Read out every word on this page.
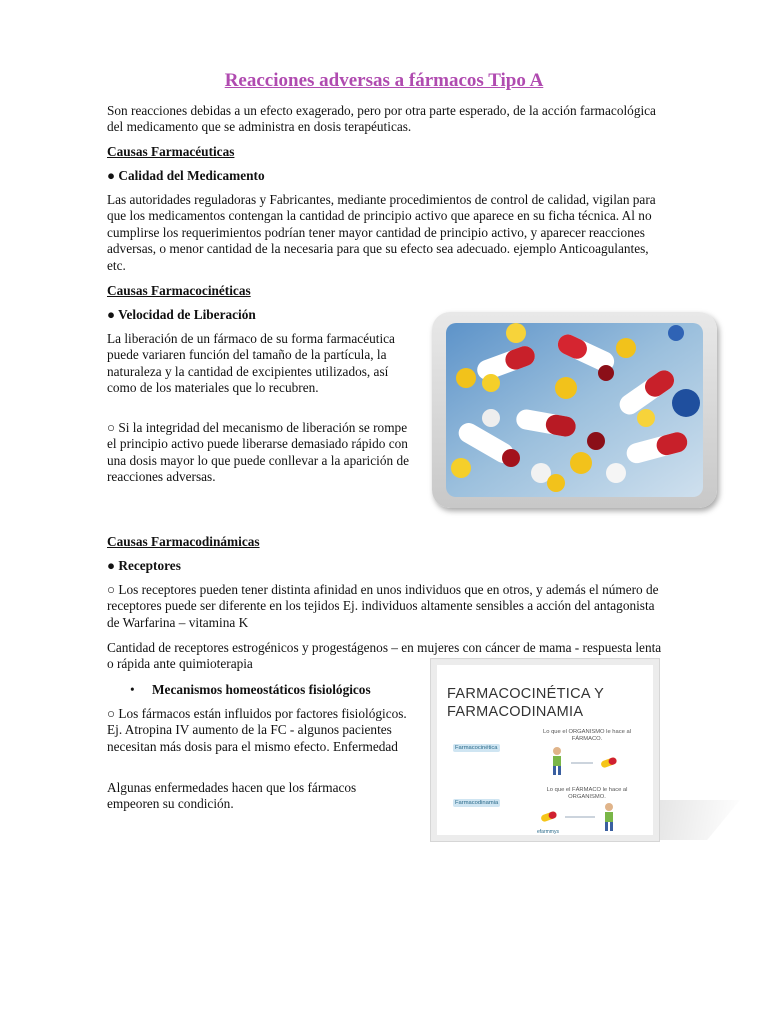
Reacciones adversas a fármacos Tipo A

Son reacciones debidas a un efecto exagerado, pero por otra parte esperado, de la acción farmacológica del medicamento que se administra en dosis terapéuticas.

Causas Farmacéuticas
● Calidad del Medicamento

Las autoridades reguladoras y Fabricantes, mediante procedimientos de control de calidad, vigilan para que los medicamentos contengan la cantidad de principio activo que aparece en su ficha técnica. Al no cumplirse los requerimientos podrían tener mayor cantidad de principio activo, y aparecer reacciones adversas, o menor cantidad de la necesaria para que su efecto sea adecuado. ejemplo Anticoagulantes, etc.

Causas Farmacocinéticas
● Velocidad de Liberación

La liberación de un fármaco de su forma farmacéutica puede variaren función del tamaño de la partícula, la naturaleza y la cantidad de excipientes utilizados, así como de los materiales que lo recubren.

○ Si la integridad del mecanismo de liberación se rompe el principio activo puede liberarse demasiado rápido con una dosis mayor lo que puede conllevar a la aparición de reacciones adversas.

Causas Farmacodinámicas
● Receptores

○ Los receptores pueden tener distinta afinidad en unos individuos que en otros, y además el número de receptores puede ser diferente en los tejidos Ej. individuos altamente sensibles a acción del antagonista de Warfarina – vitamina K

Cantidad de receptores estrogénicos y progestágenos – en mujeres con cáncer de mama - respuesta lenta o rápida ante quimioterapia

• Mecanismos homeostáticos fisiológicos

○ Los fármacos están influidos por factores fisiológicos. Ej. Atropina IV aumento de la FC - algunos pacientes necesitan más dosis para el mismo efecto. Enfermedad

Algunas enfermedades hacen que los fármacos empeoren su condición.

FARMACOCINÉTICA Y
FARMACODINAMIA
Lo que el ORGANISMO le hace al
FÁRMACO.
Farmacocinética
Lo que el FÁRMACO le hace al
ORGANISMO.
Farmacodinamia
efarmmys
